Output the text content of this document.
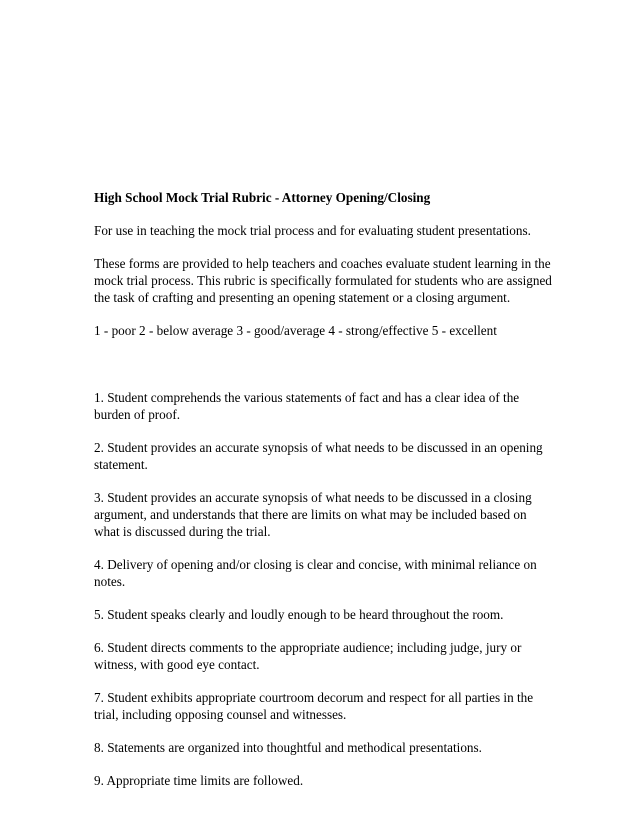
High School Mock Trial Rubric - Attorney Opening/Closing

For use in teaching the mock trial process and for evaluating student presentations.

These forms are provided to help teachers and coaches evaluate student learning in the mock trial process. This rubric is specifically formulated for students who are assigned the task of crafting and presenting an opening statement or a closing argument.

1 - poor 2 - below average 3 - good/average 4 - strong/effective 5 - excellent

1. Student comprehends the various statements of fact and has a clear idea of the burden of proof.

2. Student provides an accurate synopsis of what needs to be discussed in an opening statement.

3. Student provides an accurate synopsis of what needs to be discussed in a closing argument, and understands that there are limits on what may be included based on what is discussed during the trial.

4. Delivery of opening and/or closing is clear and concise, with minimal reliance on notes.

5. Student speaks clearly and loudly enough to be heard throughout the room.

6. Student directs comments to the appropriate audience; including judge, jury or witness, with good eye contact.

7. Student exhibits appropriate courtroom decorum and respect for all parties in the trial, including opposing counsel and witnesses.

8. Statements are organized into thoughtful and methodical presentations.

9. Appropriate time limits are followed.
